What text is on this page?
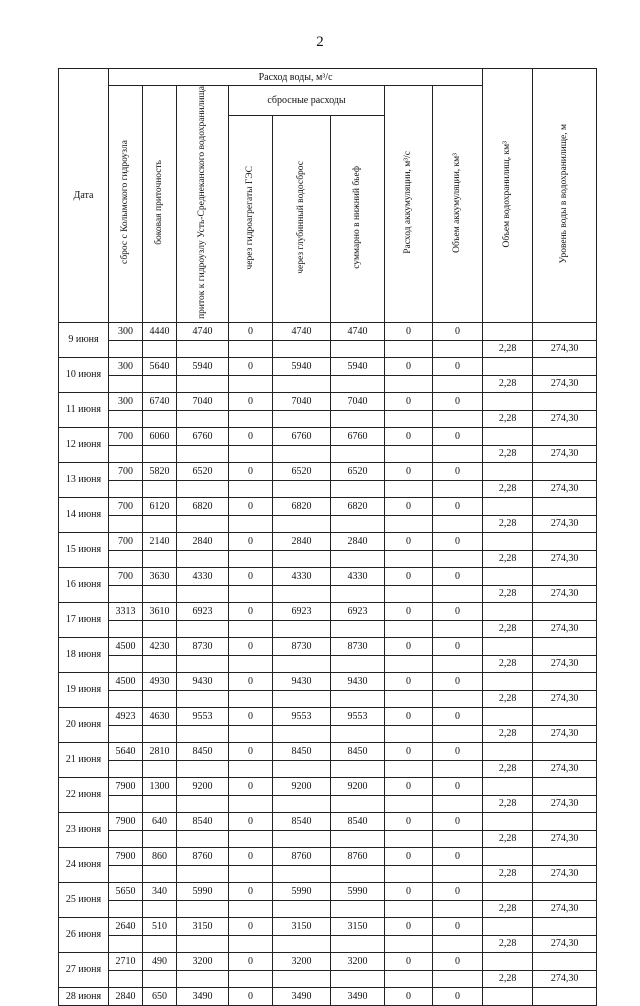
2
Дата	Расход воды, м³/с								Объем водохранилищ, км³	Уровень воды в водохранилище, м
	сброс с Колымского гидроузла	боковая приточность	приток к гидроузлу Усть-Среднеканского водохранилища	сбросные расходы			Расход аккумуляции, м³/с	Объем аккумуляции, км³		
				через гидроагрегаты ГЭС	через глубинный водосброс	суммарно в нижний бьеф				
9 июня	300	4440	4740	0	4740	4740	0	0		
									2,28	274,30
10 июня	300	5640	5940	0	5940	5940	0	0		
									2,28	274,30
11 июня	300	6740	7040	0	7040	7040	0	0		
									2,28	274,30
12 июня	700	6060	6760	0	6760	6760	0	0		
									2,28	274,30
13 июня	700	5820	6520	0	6520	6520	0	0		
									2,28	274,30
14 июня	700	6120	6820	0	6820	6820	0	0		
									2,28	274,30
15 июня	700	2140	2840	0	2840	2840	0	0		
									2,28	274,30
16 июня	700	3630	4330	0	4330	4330	0	0		
									2,28	274,30
17 июня	3313	3610	6923	0	6923	6923	0	0		
									2,28	274,30
18 июня	4500	4230	8730	0	8730	8730	0	0		
									2,28	274,30
19 июня	4500	4930	9430	0	9430	9430	0	0		
									2,28	274,30
20 июня	4923	4630	9553	0	9553	9553	0	0		
									2,28	274,30
21 июня	5640	2810	8450	0	8450	8450	0	0		
									2,28	274,30
22 июня	7900	1300	9200	0	9200	9200	0	0		
									2,28	274,30
23 июня	7900	640	8540	0	8540	8540	0	0		
									2,28	274,30
24 июня	7900	860	8760	0	8760	8760	0	0		
									2,28	274,30
25 июня	5650	340	5990	0	5990	5990	0	0		
									2,28	274,30
26 июня	2640	510	3150	0	3150	3150	0	0		
									2,28	274,30
27 июня	2710	490	3200	0	3200	3200	0	0		
									2,28	274,30
28 июня	2840	650	3490	0	3490	3490	0	0		
